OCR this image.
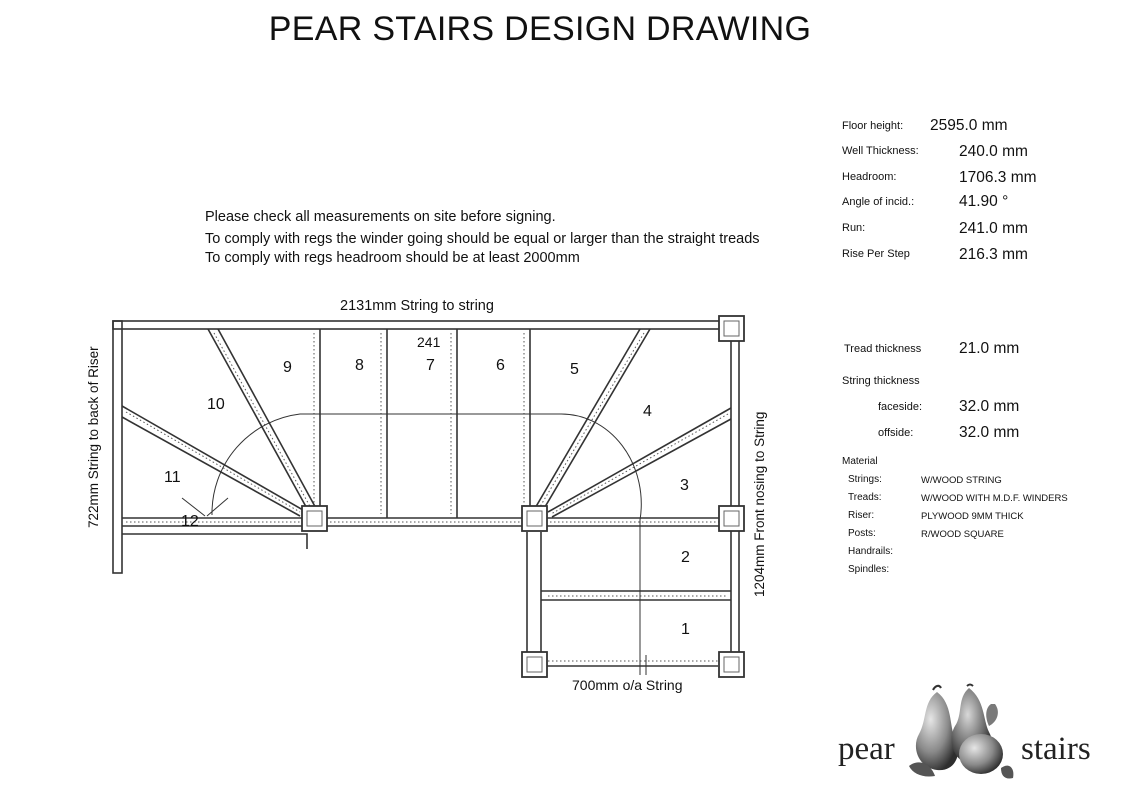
PEAR STAIRS DESIGN DRAWING
Please check all measurements on site before signing.
To comply with regs the winder going should be equal or larger than the straight treads
To comply with regs headroom should be at least 2000mm
Floor height: 2595.0 mm
Well Thickness:	240.0 mm
Headroom:	1706.3 mm
Angle of incid.:	41.90 °
Run:	241.0 mm
Rise Per Step	216.3 mm
Tread thickness 21.0 mm
String thickness
faceside: 32.0 mm
offside:	32.0 mm
Material
Strings:	W/WOOD STRING
Treads:	W/WOOD WITH M.D.F. WINDERS
Riser:	PLYWOOD 9MM THICK
Posts:	R/WOOD SQUARE
Handrails:
Spindles:
2131mm String to string
700mm o/a String
722mm String to back of Riser	1204mm Front nosing to String
241
1
2
3
4
5
6
7
8
9
10
11
12
pear	stairs
